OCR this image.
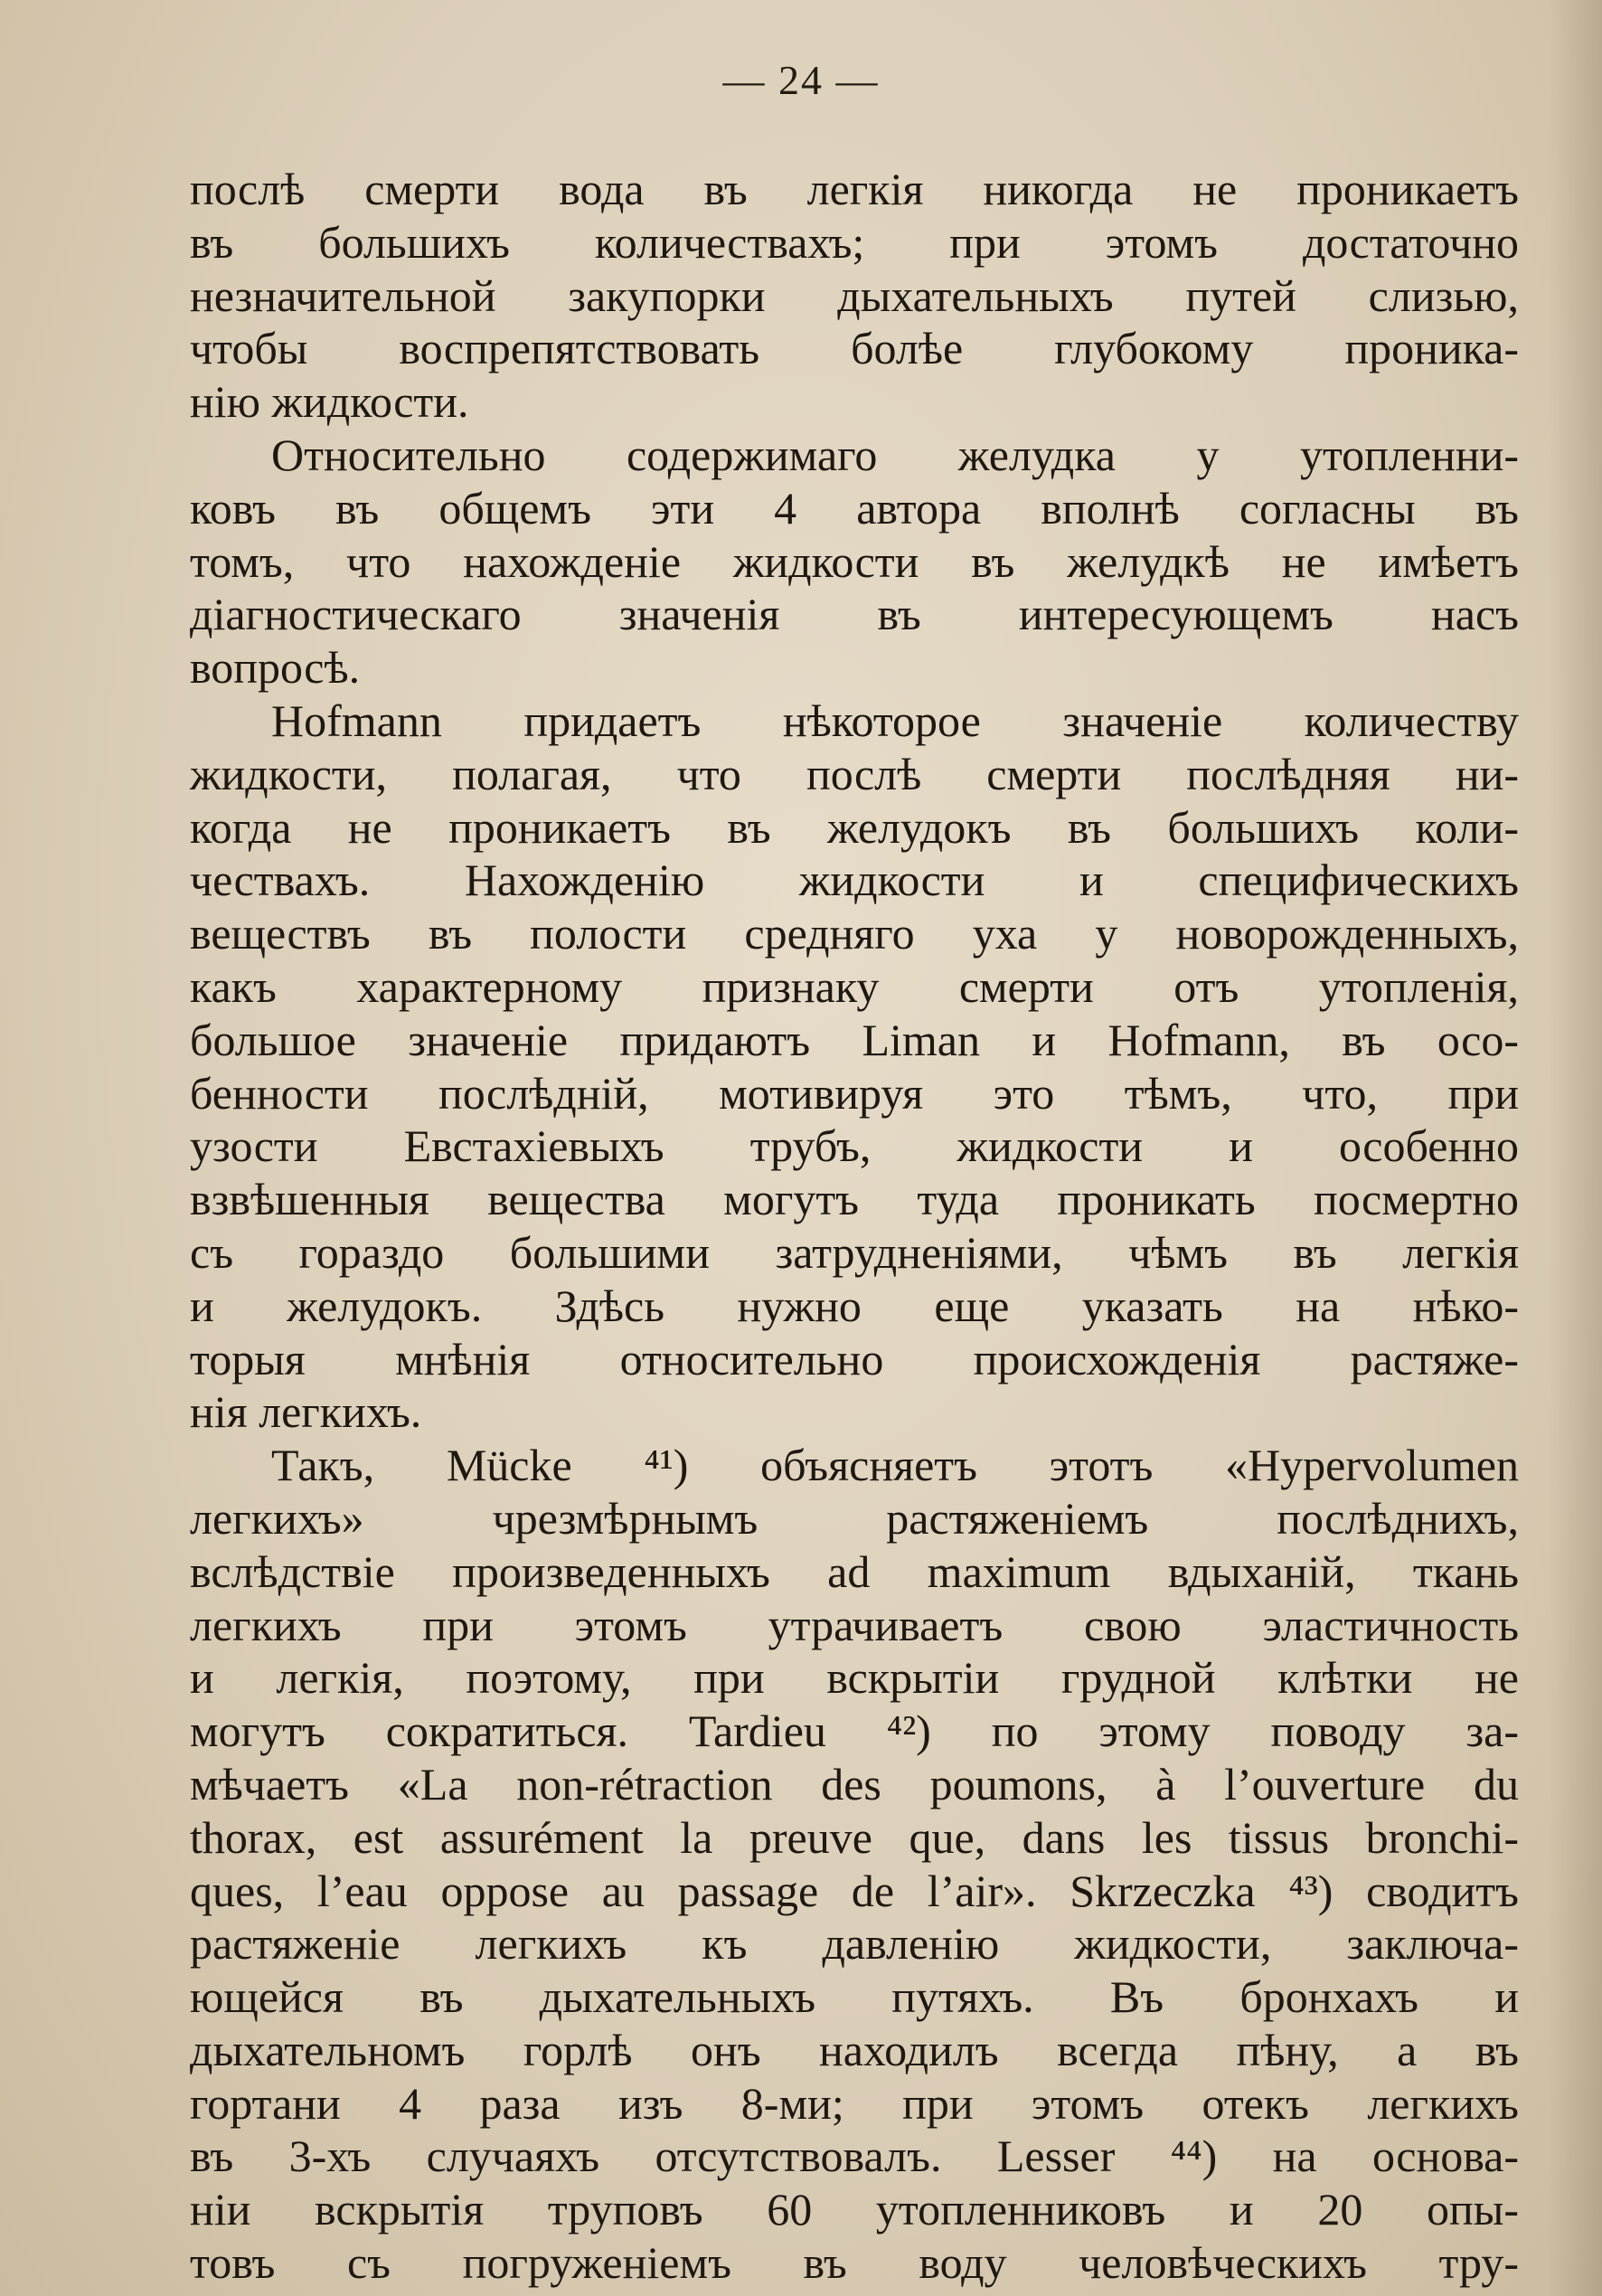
— 24 —
послѣ смерти вода въ легкія никогда не проникаетъ
въ большихъ количествахъ; при этомъ достаточно
незначительной закупорки дыхательныхъ путей слизью,
чтобы воспрепятствовать болѣе глубокому проника-
нію жидкости.
Относительно содержимаго желудка у утопленни-
ковъ въ общемъ эти 4 автора вполнѣ согласны въ
томъ, что нахожденіе жидкости въ желудкѣ не имѣетъ
діагностическаго значенія въ интересующемъ насъ
вопросѣ.
Hofmann придаетъ нѣкоторое значеніе количеству
жидкости, полагая, что послѣ смерти послѣдняя ни-
когда не проникаетъ въ желудокъ въ большихъ коли-
чествахъ. Нахожденію жидкости и специфическихъ
веществъ въ полости средняго уха у новорожденныхъ,
какъ характерному признаку смерти отъ утопленія,
большое значеніе придаютъ Liman и Hofmann, въ осо-
бенности послѣдній, мотивируя это тѣмъ, что, при
узости Евстахіевыхъ трубъ, жидкости и особенно
взвѣшенныя вещества могутъ туда проникать посмертно
съ гораздо большими затрудненіями, чѣмъ въ легкія
и желудокъ. Здѣсь нужно еще указать на нѣко-
торыя мнѣнія относительно происхожденія растяже-
нія легкихъ.
Такъ, Mücke ⁴¹) объясняетъ этотъ «Hypervolumen
легкихъ» чрезмѣрнымъ растяженіемъ послѣднихъ,
вслѣдствіе произведенныхъ ad maximum вдыханій, ткань
легкихъ при этомъ утрачиваетъ свою эластичность
и легкія, поэтому, при вскрытіи грудной клѣтки не
могутъ сократиться. Tardieu ⁴²) по этому поводу за-
мѣчаетъ «La non-rétraction des poumons, à l’ouverture du
thorax, est assurément la preuve que, dans les tissus bronchi-
ques, l’eau oppose au passage de l’air». Skrzeczka ⁴³) сводитъ
растяженіе легкихъ къ давленію жидкости, заключа-
ющейся въ дыхательныхъ путяхъ. Въ бронхахъ и
дыхательномъ горлѣ онъ находилъ всегда пѣну, а въ
гортани 4 раза изъ 8-ми; при этомъ отекъ легкихъ
въ 3-хъ случаяхъ отсутствовалъ. Lesser ⁴⁴) на основа-
ніи вскрытія труповъ 60 утопленниковъ и 20 опы-
товъ съ погруженіемъ въ воду человѣческихъ тру-
